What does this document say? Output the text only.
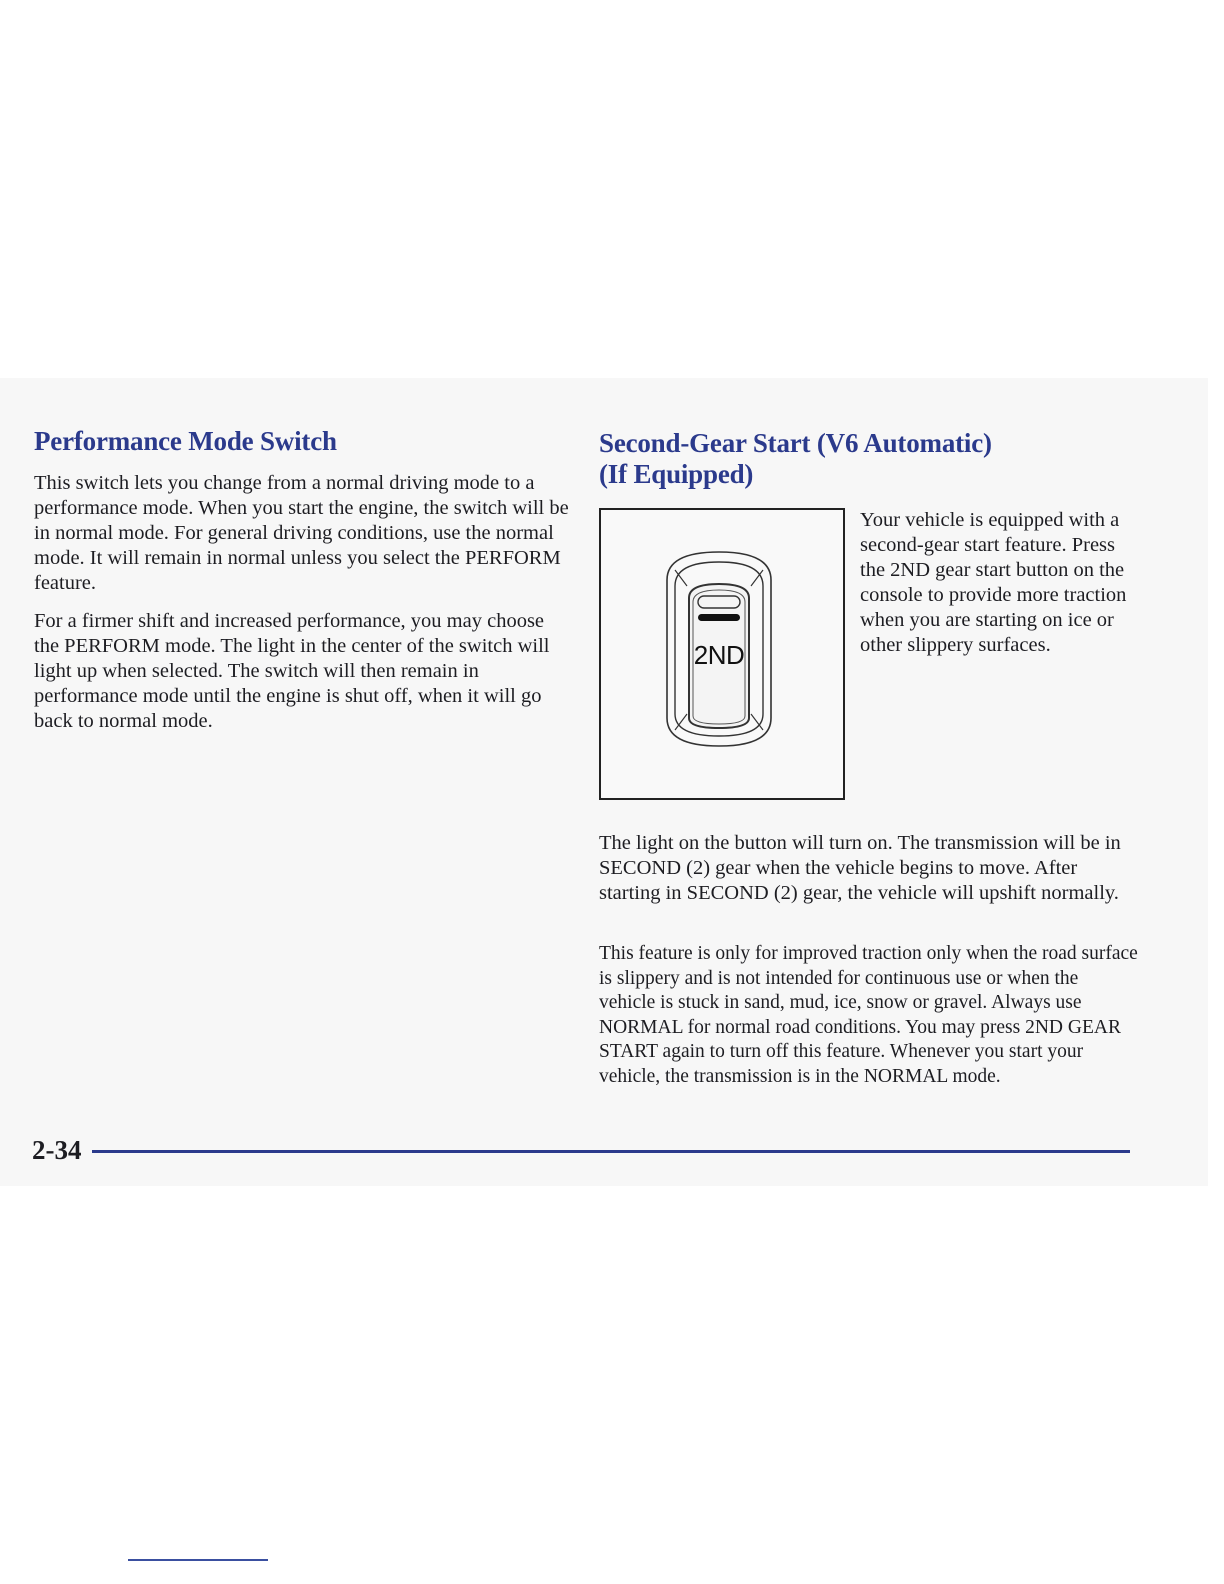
Performance Mode Switch

This switch lets you change from a normal driving mode to a performance mode. When you start the engine, the switch will be in normal mode. For general driving conditions, use the normal mode. It will remain in normal unless you select the PERFORM feature.

For a firmer shift and increased performance, you may choose the PERFORM mode. The light in the center of the switch will light up when selected. The switch will then remain in performance mode until the engine is shut off, when it will go back to normal mode.

Second-Gear Start (V6 Automatic)
(If Equipped)
2ND

Your vehicle is equipped with a second-gear start feature. Press the 2ND gear start button on the console to provide more traction when you are starting on ice or other slippery surfaces.

The light on the button will turn on. The transmission will be in SECOND (2) gear when the vehicle begins to move. After starting in SECOND (2) gear, the vehicle will upshift normally.

This feature is only for improved traction only when the road surface is slippery and is not intended for continuous use or when the vehicle is stuck in sand, mud, ice, snow or gravel. Always use NORMAL for normal road conditions. You may press 2ND GEAR START again to turn off this feature. Whenever you start your vehicle, the transmission is in the NORMAL mode.

2-34
